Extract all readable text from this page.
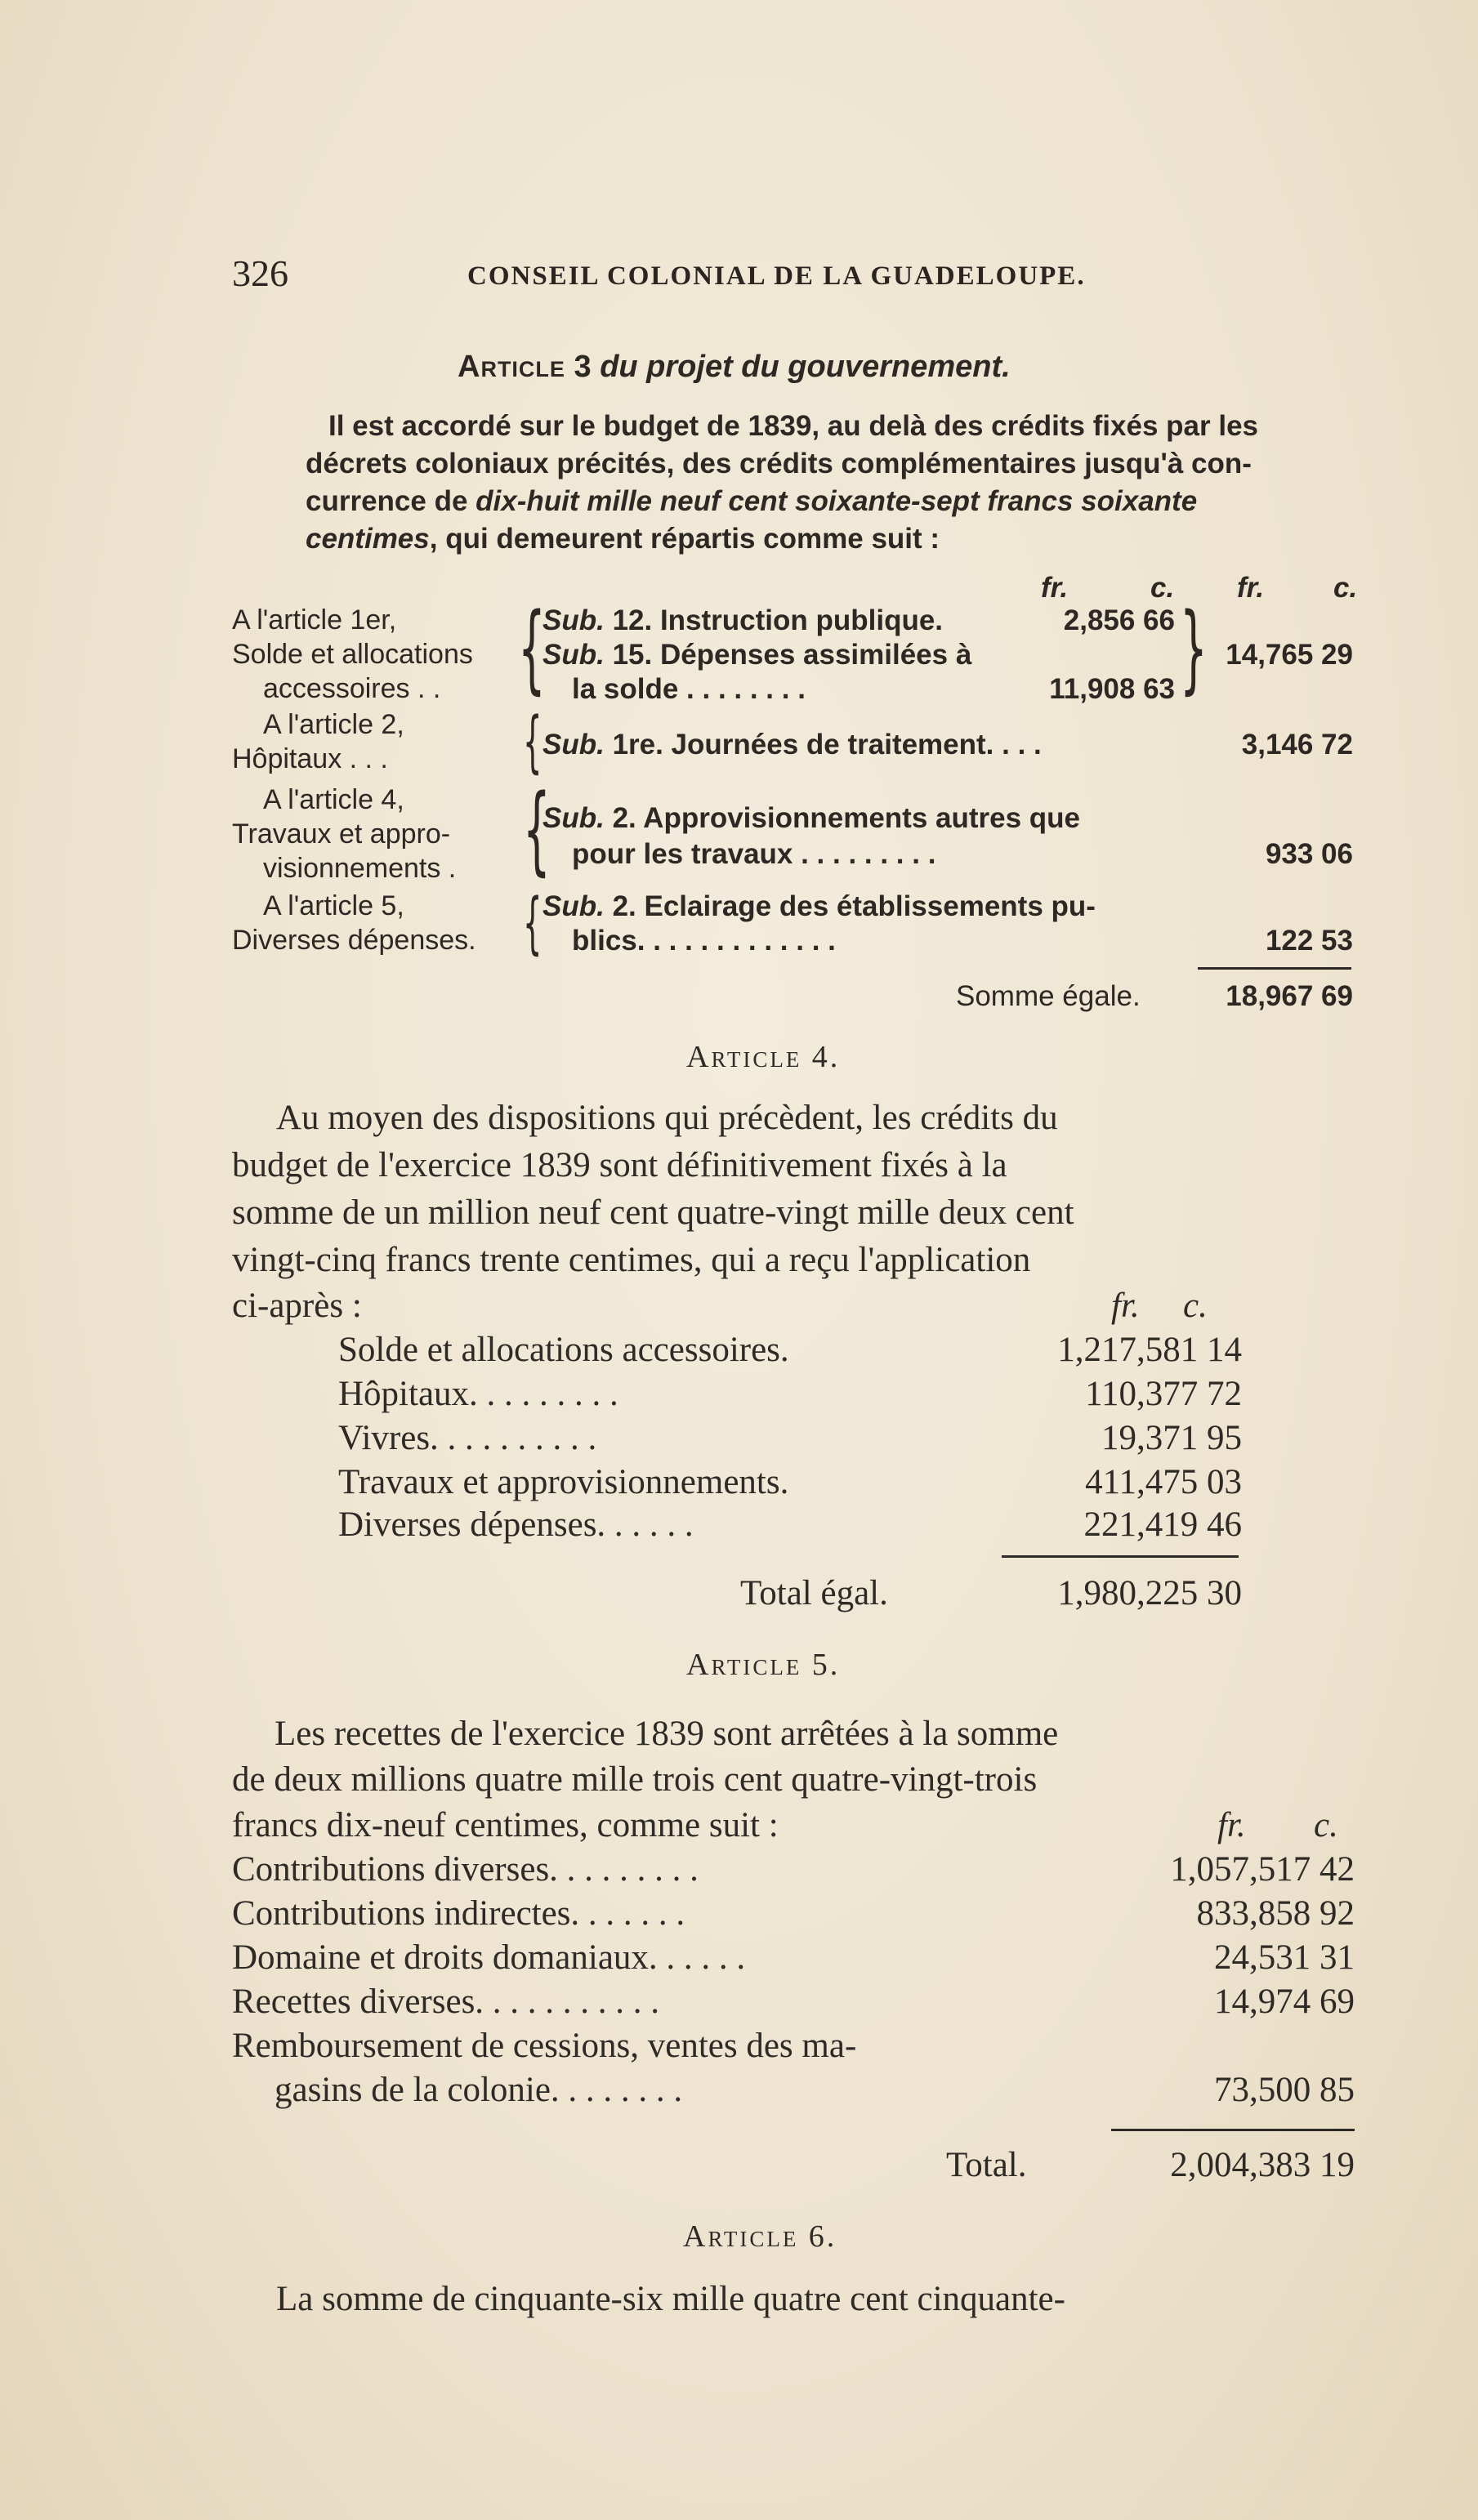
326	CONSEIL COLONIAL DE LA GUADELOUPE.
Article 3 du projet du gouvernement.
Il est accordé sur le budget de 1839, au delà des crédits fixés par les
décrets coloniaux précités, des crédits complémentaires jusqu'à con-
currence de dix-huit mille neuf cent soixante-sept francs soixante
centimes, qui demeurent répartis comme suit :
fr.	c. fr. c.
A l'article 1er,
Solde et allocations
accessoires . . {
Sub. 12. Instruction publique.	2,856 66
Sub. 15. Dépenses assimilées à
la solde . . . . . . . .	11,908 63 } 14,765 29
A l'article 2,
Hôpitaux . . . { Sub. 1re. Journées de traitement. . . .	3,146 72
A l'article 4,
Travaux et appro-
visionnements . {
Sub. 2. Approvisionnements autres que
pour les travaux . . . . . . . . .	933 06
A l'article 5,
Diverses dépenses. { Sub. 2. Eclairage des établissements pu-
blics. . . . . . . . . . . . .	122 53
Somme égale.	18,967 69
Article 4.
Au moyen des dispositions qui précèdent, les crédits du
budget de l'exercice 1839 sont définitivement fixés à la
somme de un million neuf cent quatre-vingt mille deux cent
vingt-cinq francs trente centimes, qui a reçu l'application
ci-après :	fr. c.
Solde et allocations accessoires.	1,217,581 14
Hôpitaux. . . . . . . . .	110,377 72
Vivres. . . . . . . . . .	19,371 95
Travaux et approvisionnements.	411,475 03
Diverses dépenses. . . . . .	221,419 46
Total égal.	1,980,225 30
Article 5.
Les recettes de l'exercice 1839 sont arrêtées à la somme
de deux millions quatre mille trois cent quatre-vingt-trois
francs dix-neuf centimes, comme suit :	fr. c.
Contributions diverses. . . . . . . . .	1,057,517 42
Contributions indirectes. . . . . . .	833,858 92
Domaine et droits domaniaux. . . . . .	24,531 31
Recettes diverses. . . . . . . . . . .	14,974 69
Remboursement de cessions, ventes des ma-
gasins de la colonie. . . . . . . .	73,500 85
Total.	2,004,383 19
Article 6.
La somme de cinquante-six mille quatre cent cinquante-
